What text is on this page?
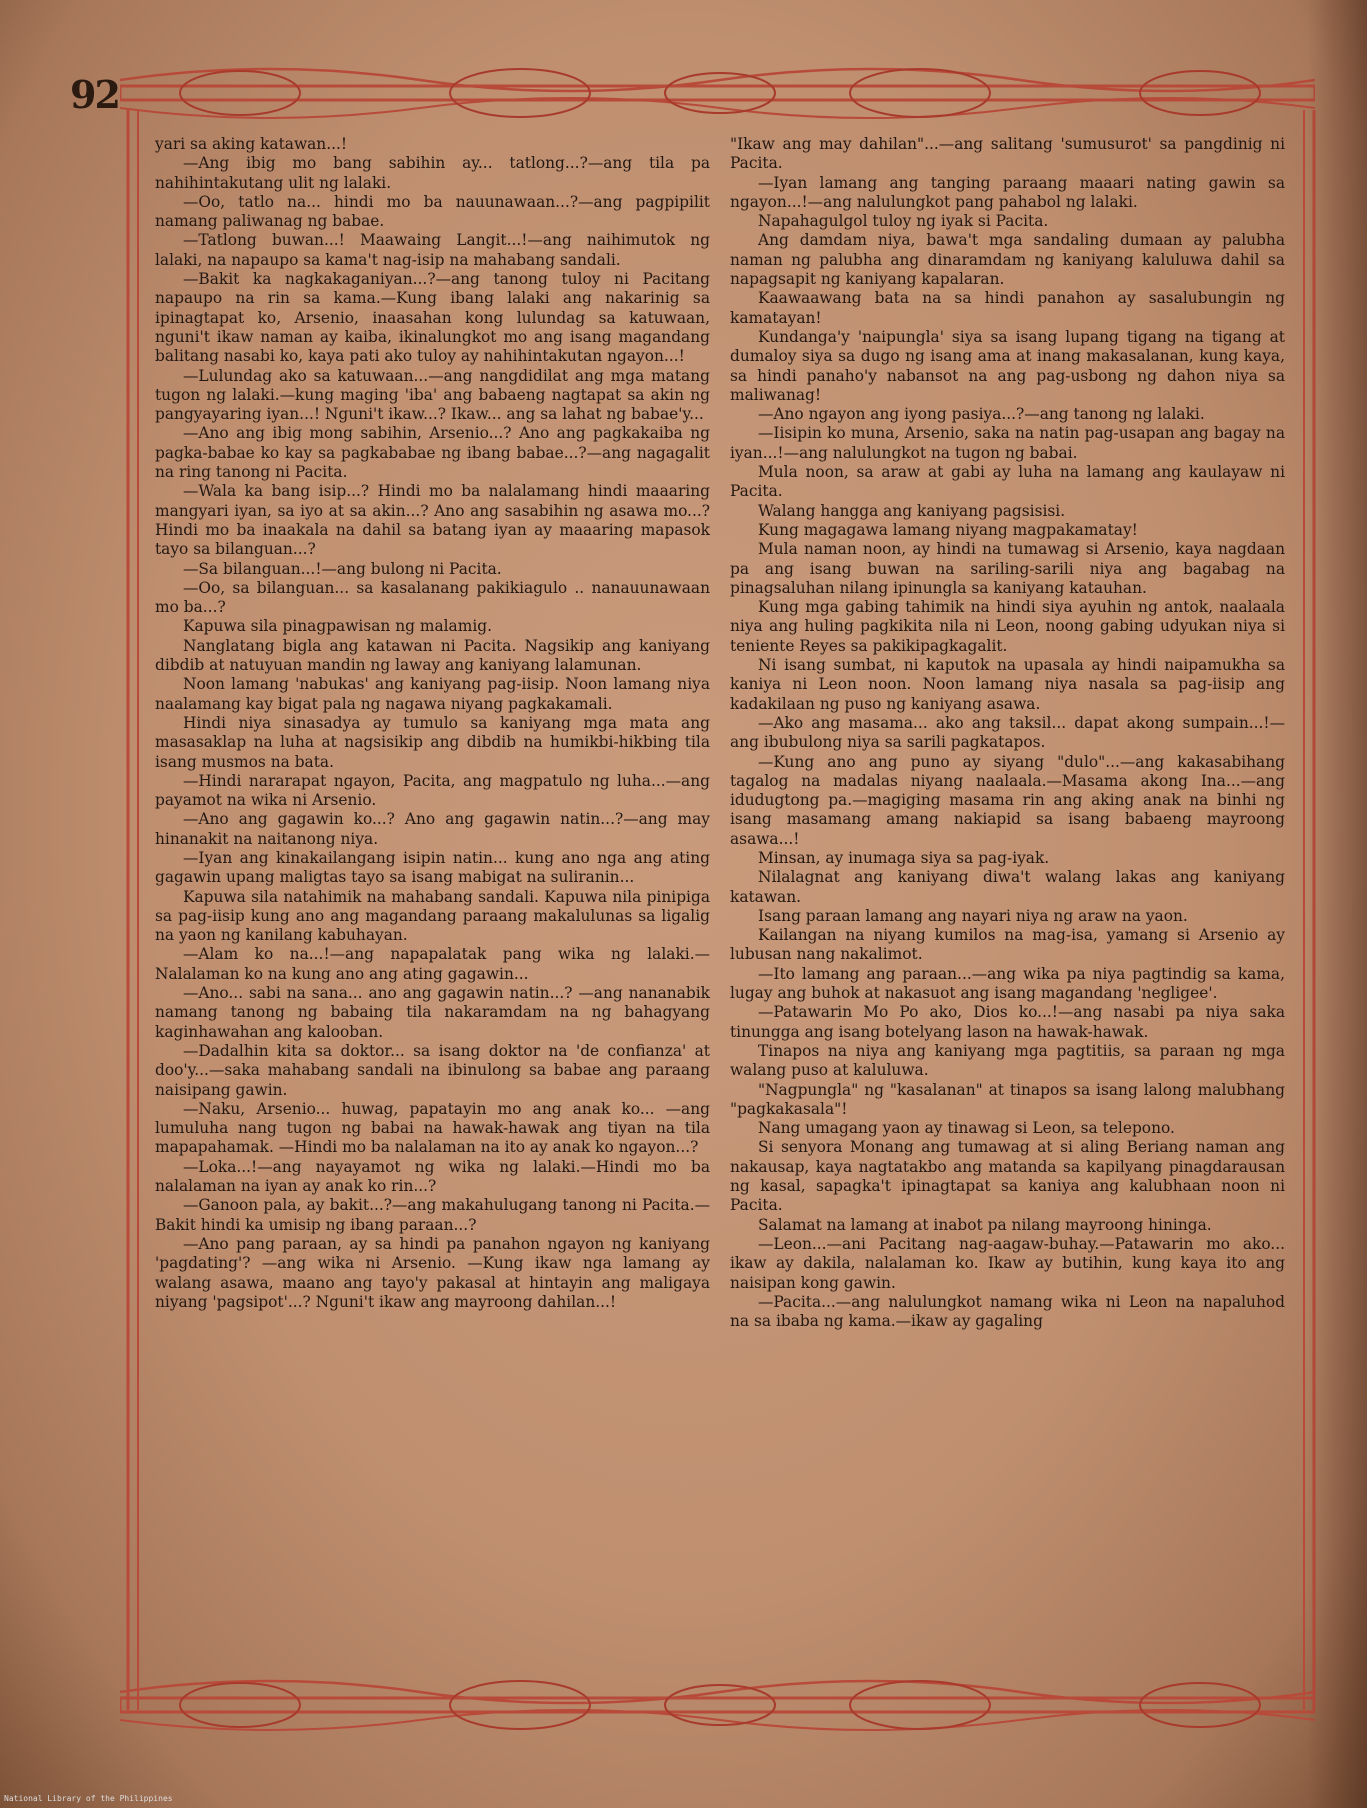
92

yari sa aking katawan...!

—Ang ibig mo bang sabihin ay... tatlong...?—ang tila pa nahihintakutang ulit ng lalaki.

—Oo, tatlo na... hindi mo ba nauunawaan...?—ang pagpipilit namang paliwanag ng babae.

—Tatlong buwan...! Maawaing Langit...!—ang naihimutok ng lalaki, na napaupo sa kama't nag-isip na mahabang sandali.

—Bakit ka nagkakaganiyan...?—ang tanong tuloy ni Pacitang napaupo na rin sa kama.—Kung ibang lalaki ang nakarinig sa ipinagtapat ko, Arsenio, inaasahan kong lulundag sa katuwaan, nguni't ikaw naman ay kaiba, ikinalungkot mo ang isang magandang balitang nasabi ko, kaya pati ako tuloy ay nahihintakutan ngayon...!

—Lulundag ako sa katuwaan...—ang nangdidilat ang mga matang tugon ng lalaki.—kung maging 'iba' ang babaeng nagtapat sa akin ng pangyayaring iyan...! Nguni't ikaw...? Ikaw... ang sa lahat ng babae'y...

—Ano ang ibig mong sabihin, Arsenio...? Ano ang pagkakaiba ng pagka-babae ko kay sa pagkababae ng ibang babae...?—ang nagagalit na ring tanong ni Pacita.

—Wala ka bang isip...? Hindi mo ba nalalamang hindi maaaring mangyari iyan, sa iyo at sa akin...? Ano ang sasabihin ng asawa mo...? Hindi mo ba inaakala na dahil sa batang iyan ay maaaring mapasok tayo sa bilanguan...?

—Sa bilanguan...!—ang bulong ni Pacita.

—Oo, sa bilanguan... sa kasalanang pakikiagulo .. nanauunawaan mo ba...?

Kapuwa sila pinagpawisan ng malamig.

Nanglatang bigla ang katawan ni Pacita. Nagsikip ang kaniyang dibdib at natuyuan mandin ng laway ang kaniyang lalamunan.

Noon lamang 'nabukas' ang kaniyang pag-iisip. Noon lamang niya naalamang kay bigat pala ng nagawa niyang pagkakamali.

Hindi niya sinasadya ay tumulo sa kaniyang mga mata ang masasaklap na luha at nagsisikip ang dibdib na humikbi-hikbing tila isang musmos na bata.

—Hindi nararapat ngayon, Pacita, ang magpatulo ng luha...—ang payamot na wika ni Arsenio.

—Ano ang gagawin ko...? Ano ang gagawin natin...?—ang may hinanakit na naitanong niya.

—Iyan ang kinakailangang isipin natin... kung ano nga ang ating gagawin upang maligtas tayo sa isang mabigat na suliranin...

Kapuwa sila natahimik na mahabang sandali. Kapuwa nila pinipiga sa pag-iisip kung ano ang magandang paraang makalulunas sa ligalig na yaon ng kanilang kabuhayan.

—Alam ko na...!—ang napapalatak pang wika ng lalaki.—Nalalaman ko na kung ano ang ating gagawin...

—Ano... sabi na sana... ano ang gagawin natin...? —ang nananabik namang tanong ng babaing tila nakaramdam na ng bahagyang kaginhawahan ang kalooban.

—Dadalhin kita sa doktor... sa isang doktor na 'de confianza' at doo'y...—saka mahabang sandali na ibinulong sa babae ang paraang naisipang gawin.

—Naku, Arsenio... huwag, papatayin mo ang anak ko... —ang lumuluha nang tugon ng babai na hawak-hawak ang tiyan na tila mapapahamak. —Hindi mo ba nalalaman na ito ay anak ko ngayon...?

—Loka...!—ang nayayamot ng wika ng lalaki.—Hindi mo ba nalalaman na iyan ay anak ko rin...?

—Ganoon pala, ay bakit...?—ang makahulugang tanong ni Pacita.—Bakit hindi ka umisip ng ibang paraan...?

—Ano pang paraan, ay sa hindi pa panahon ngayon ng kaniyang 'pagdating'? —ang wika ni Arsenio. —Kung ikaw nga lamang ay walang asawa, maano ang tayo'y pakasal at hintayin ang maligaya niyang 'pagsipot'...? Nguni't ikaw ang mayroong dahilan...!

"Ikaw ang may dahilan"...—ang salitang 'sumusurot' sa pangdinig ni Pacita.

—Iyan lamang ang tanging paraang maaari nating gawin sa ngayon...!—ang nalulungkot pang pahabol ng lalaki.

Napahagulgol tuloy ng iyak si Pacita.

Ang damdam niya, bawa't mga sandaling dumaan ay palubha naman ng palubha ang dinaramdam ng kaniyang kaluluwa dahil sa napagsapit ng kaniyang kapalaran.

Kaawaawang bata na sa hindi panahon ay sasalubungin ng kamatayan!

Kundanga'y 'naipungla' siya sa isang lupang tigang na tigang at dumaloy siya sa dugo ng isang ama at inang makasalanan, kung kaya, sa hindi panaho'y nabansot na ang pag-usbong ng dahon niya sa maliwanag!

—Ano ngayon ang iyong pasiya...?—ang tanong ng lalaki.

—Iisipin ko muna, Arsenio, saka na natin pag-usapan ang bagay na iyan...!—ang nalulungkot na tugon ng babai.

Mula noon, sa araw at gabi ay luha na lamang ang kaulayaw ni Pacita.

Walang hangga ang kaniyang pagsisisi.

Kung magagawa lamang niyang magpakamatay!

Mula naman noon, ay hindi na tumawag si Arsenio, kaya nagdaan pa ang isang buwan na sariling-sarili niya ang bagabag na pinagsaluhan nilang ipinungla sa kaniyang katauhan.

Kung mga gabing tahimik na hindi siya ayuhin ng antok, naalaala niya ang huling pagkikita nila ni Leon, noong gabing udyukan niya si teniente Reyes sa pakikipagkagalit.

Ni isang sumbat, ni kaputok na upasala ay hindi naipamukha sa kaniya ni Leon noon. Noon lamang niya nasala sa pag-iisip ang kadakilaan ng puso ng kaniyang asawa.

—Ako ang masama... ako ang taksil... dapat akong sumpain...!—ang ibubulong niya sa sarili pagkatapos.

—Kung ano ang puno ay siyang "dulo"...—ang kakasabihang tagalog na madalas niyang naalaala.—Masama akong Ina...—ang idudugtong pa.—magiging masama rin ang aking anak na binhi ng isang masamang amang nakiapid sa isang babaeng mayroong asawa...!

Minsan, ay inumaga siya sa pag-iyak.

Nilalagnat ang kaniyang diwa't walang lakas ang kaniyang katawan.

Isang paraan lamang ang nayari niya ng araw na yaon.

Kailangan na niyang kumilos na mag-isa, yamang si Arsenio ay lubusan nang nakalimot.

—Ito lamang ang paraan...—ang wika pa niya pagtindig sa kama, lugay ang buhok at nakasuot ang isang magandang 'negligee'.

—Patawarin Mo Po ako, Dios ko...!—ang nasabi pa niya saka tinungga ang isang botelyang lason na hawak-hawak.

Tinapos na niya ang kaniyang mga pagtitiis, sa paraan ng mga walang puso at kaluluwa.

"Nagpungla" ng "kasalanan" at tinapos sa isang lalong malubhang "pagkakasala"!

Nang umagang yaon ay tinawag si Leon, sa telepono.

Si senyora Monang ang tumawag at si aling Beriang naman ang nakausap, kaya nagtatakbo ang matanda sa kapilyang pinagdarausan ng kasal, sapagka't ipinagtapat sa kaniya ang kalubhaan noon ni Pacita.

Salamat na lamang at inabot pa nilang mayroong hininga.

—Leon...—ani Pacitang nag-aagaw-buhay.—Patawarin mo ako... ikaw ay dakila, nalalaman ko. Ikaw ay butihin, kung kaya ito ang naisipan kong gawin.

—Pacita...—ang nalulungkot namang wika ni Leon na napaluhod na sa ibaba ng kama.—ikaw ay gagaling

National Library of the Philippines
